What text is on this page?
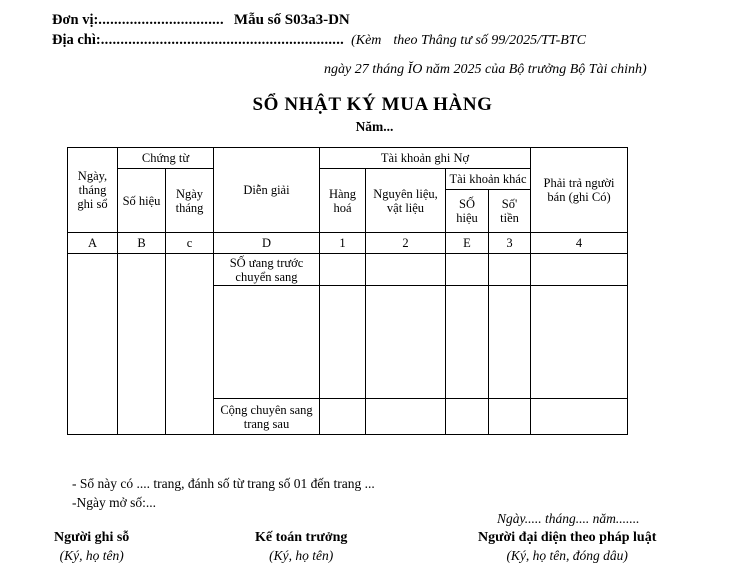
Đơn vị: ................................ Mẫu số S03a3-DN
Địa chì: .............................................................. (Kèm theo Thâng tư số 99/2025/TT-BTC
ngày 27 tháng ĬO năm 2025 của Bộ trưởng Bộ Tài chinh)
SỔ NHẬT KÝ MUA HÀNG
Năm...
Ngày, tháng ghi sổ	Chứng từ		Diễn giải	Tài khoản ghi Nợ				Phải trả người bán (ghi Có)
	Số hiệu	Ngày tháng		Hàng hoá	Nguyên liệu, vật liệu	Tài khoản khác		
						SỐ hiệu	Số' tiền	
A	B	c	D	1	2	E	3	4
			SỐ ưang trước chuyển sang					

			Cộng chuyên sang trang sau					
- Sổ này có .... trang, đánh số từ trang số 01 đến trang ...
-Ngày mở số:...
Ngày..... tháng.... năm.......
Người ghi sỗ
(Ký, họ tên)
Kế toán trưởng
(Ký, họ tên)
Người đại diện theo pháp luật
(Ký, họ tên, đóng dâu)
